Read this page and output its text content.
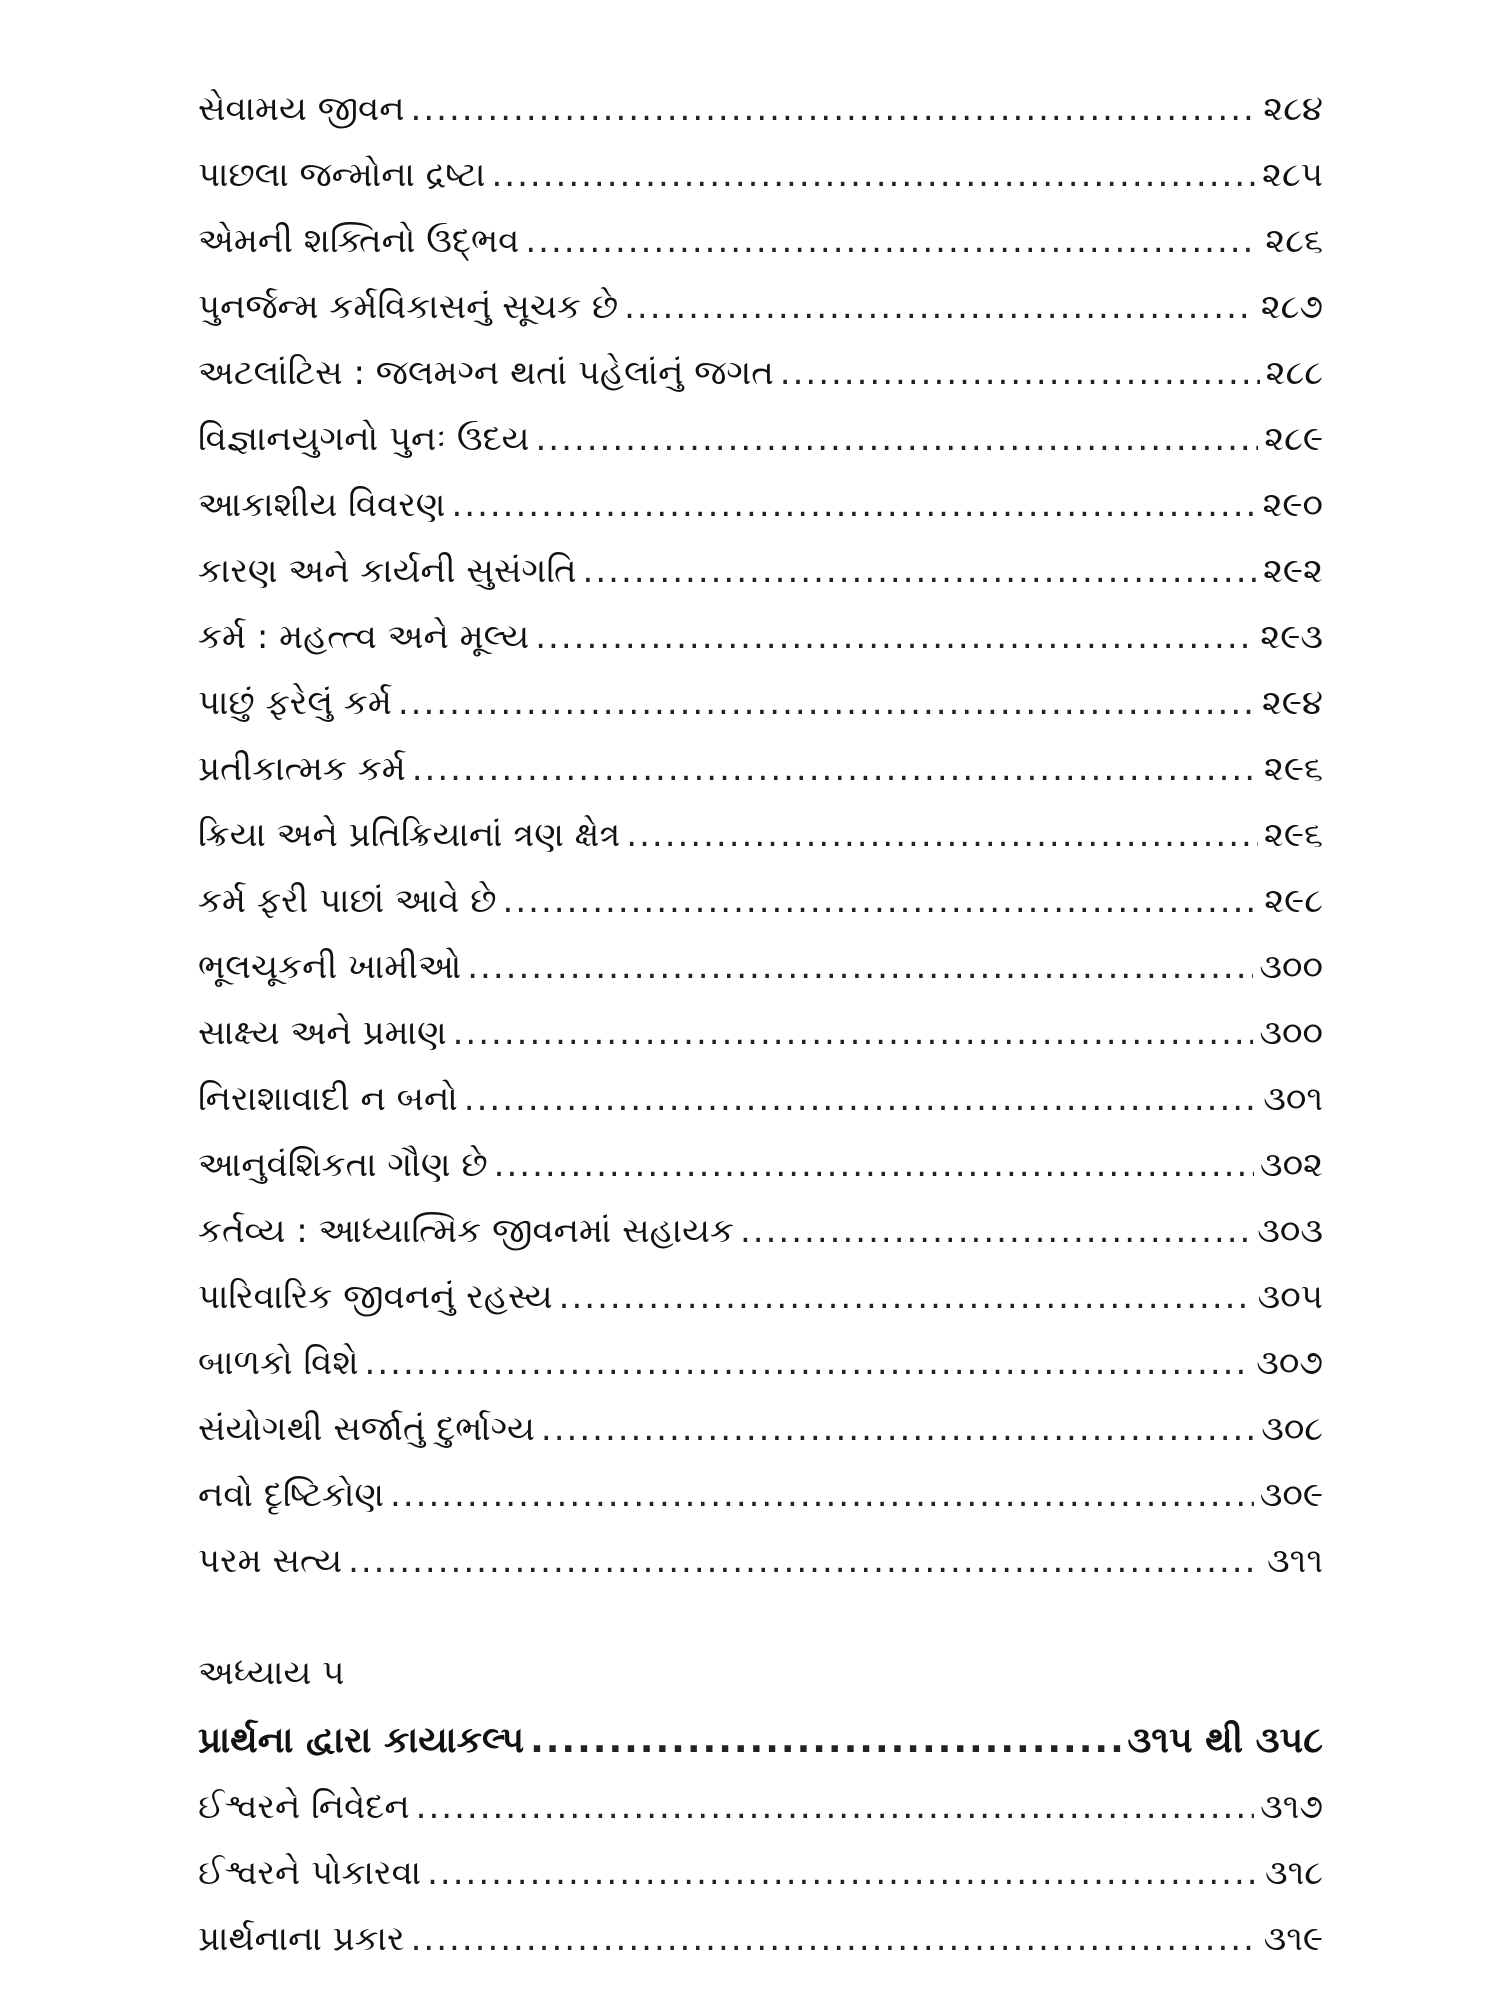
સેવામય જીવન .....	૨૮૪
પાછલા જન્મોના દ્રષ્ટા .....	૨૮૫
એમની શક્તિનો ઉદ્ભવ .....	૨૮૬
પુનર્જન્મ કર્મવિકાસનું સૂચક છે .....	૨૮૭
અટલાંટિસ : જલમગ્ન થતાં પહેલાંનું જગત .....	૨૮૮
વિજ્ઞાનયુગનો પુનઃ ઉદય .....	૨૮૯
આકાશીય વિવરણ .....	૨૯૦
કારણ અને કાર્યની સુસંગતિ .....	૨૯૨
કર્મ : મહત્ત્વ અને મૂલ્ય .....	૨૯૩
પાછું ફરેલું કર્મ .....	૨૯૪
પ્રતીકાત્મક કર્મ .....	૨૯૬
ક્રિયા અને પ્રતિક્રિયાનાં ત્રણ ક્ષેત્ર .....	૨૯૬
કર્મ ફરી પાછાં આવે છે .....	૨૯૮
ભૂલચૂકની ખામીઓ .....	૩૦૦
સાક્ષ્ય અને પ્રમાણ .....	૩૦૦
નિરાશાવાદી ન બનો .....	૩૦૧
આનુવંશિકતા ગૌણ છે .....	૩૦૨
કર્તવ્ય : આધ્યાત્મિક જીવનમાં સહાયક .....	૩૦૩
પારિવારિક જીવનનું રહસ્ય .....	૩૦૫
બાળકો વિશે .....	૩૦૭
સંયોગથી સર્જાતું દુર્ભાગ્ય .....	૩૦૮
નવો દૃષ્ટિકોણ .....	૩૦૯
પરમ સત્ય .....	૩૧૧
અધ્યાય ૫
પ્રાર્થના દ્વારા કાયાકલ્પ .....	૩૧૫ થી ૩૫૮
ઈશ્વરને નિવેદન .....	૩૧૭
ઈશ્વરને પોકારવા .....	૩૧૮
પ્રાર્થનાના પ્રકાર .....	૩૧૯
